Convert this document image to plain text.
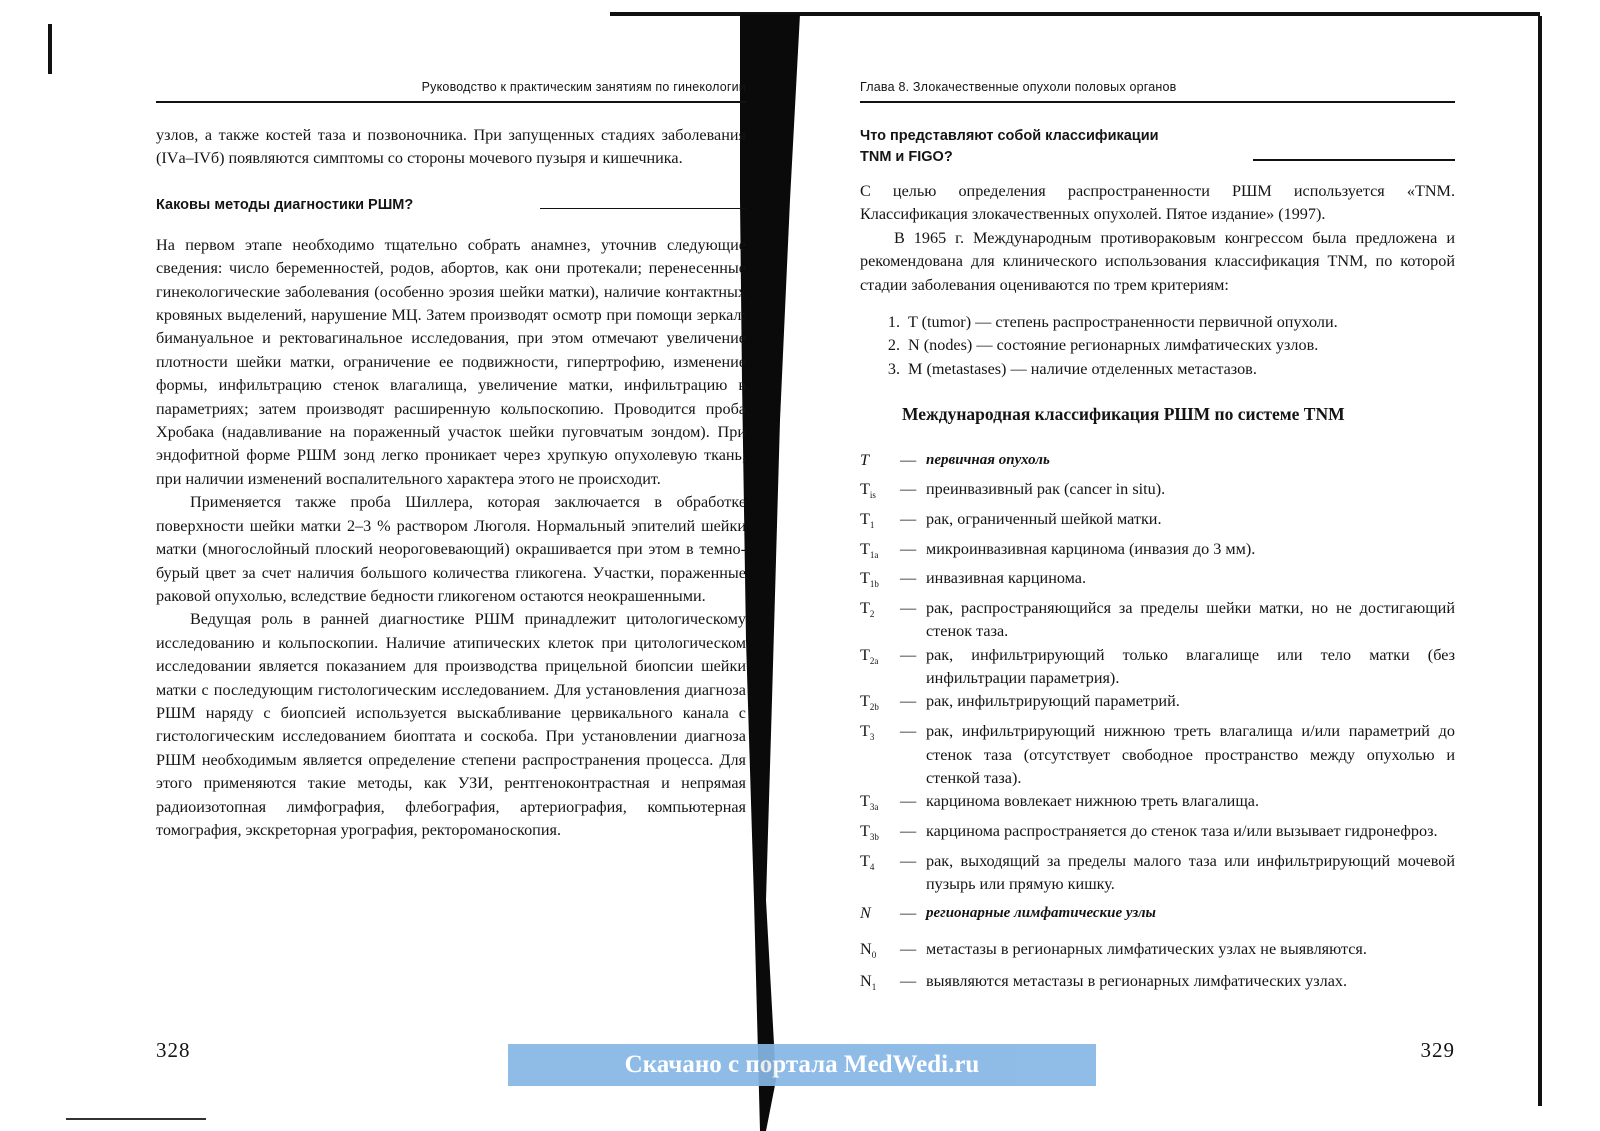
Руководство к практическим занятиям по гинекологии

узлов, а также костей таза и позвоночника. При запущенных стадиях заболевания (IVа–IVб) появляются симптомы со стороны мочевого пузыря и кишечника.

Каковы методы диагностики РШМ?

На первом этапе необходимо тщательно собрать анамнез, уточнив следующие сведения: число беременностей, родов, абортов, как они протекали; перенесенные гинекологические заболевания (особенно эрозия шейки матки), наличие контактных кровяных выделений, нарушение МЦ. Затем производят осмотр при помощи зеркал; бимануальное и ректовагинальное исследования, при этом отмечают увеличение плотности шейки матки, ограничение ее подвижности, гипертрофию, изменение формы, инфильтрацию стенок влагалища, увеличение матки, инфильтрацию в параметриях; затем производят расширенную кольпоскопию. Проводится проба Хробака (надавливание на пораженный участок шейки пуговчатым зондом). При эндофитной форме РШМ зонд легко проникает через хрупкую опухолевую ткань, при наличии изменений воспалительного характера этого не происходит.

Применяется также проба Шиллера, которая заключается в обработке поверхности шейки матки 2–3 % раствором Люголя. Нормальный эпителий шейки матки (многослойный плоский неороговевающий) окрашивается при этом в темно-бурый цвет за счет наличия большого количества гликогена. Участки, пораженные раковой опухолью, вследствие бедности гликогеном остаются неокрашенными.

Ведущая роль в ранней диагностике РШМ принадлежит цитологическому исследованию и кольпоскопии. Наличие атипических клеток при цитологическом исследовании является показанием для производства прицельной биопсии шейки матки с последующим гистологическим исследованием. Для установления диагноза РШМ наряду с биопсией используется выскабливание цервикального канала с гистологическим исследованием биоптата и соскоба. При установлении диагноза РШМ необходимым является определение степени распространения процесса. Для этого применяются такие методы, как УЗИ, рентгеноконтрастная и непрямая радиоизотопная лимфография, флебография, артериография, компьютерная томография, экскреторная урография, ректороманоскопия.

328
Глава 8. Злокачественные опухоли половых органов
Что представляют собой классификации
TNM и FIGO?

С целью определения распространенности РШМ используется «TNM. Классификация злокачественных опухолей. Пятое издание» (1997).

В 1965 г. Международным противораковым конгрессом была предложена и рекомендована для клинического использования классификация TNM, по которой стадии заболевания оцениваются по трем критериям:

1. T (tumor) — степень распространенности первичной опухоли.
2. N (nodes) — состояние регионарных лимфатических узлов.
3. M (metastases) — наличие отделенных метастазов.
Международная классификация РШМ по системе TNM
T	— первичная опухоль
$T_{is}$	— преинвазивный рак (cancer in situ).
$T_1$	— рак, ограниченный шейкой матки.
$T_{1a}$	— микроинвазивная карцинома (инвазия до 3 мм).
$T_{1b}$	— инвазивная карцинома.
$T_2$	— рак, распространяющийся за пределы шейки матки, но не достигающий стенок таза.
$T_{2a}$	— рак, инфильтрирующий только влагалище или тело матки (без инфильтрации параметрия).
$T_{2b}$	— рак, инфильтрирующий параметрий.
$T_3$	— рак, инфильтрирующий нижнюю треть влагалища и/или параметрий до стенок таза (отсутствует свободное пространство между опухолью и стенкой таза).
$T_{3a}$	— карцинома вовлекает нижнюю треть влагалища.
$T_{3b}$	— карцинома распространяется до стенок таза и/или вызывает гидронефроз.
$T_4$	— рак, выходящий за пределы малого таза или инфильтрирующий мочевой пузырь или прямую кишку.
N	— регионарные лимфатические узлы
$N_0$	— метастазы в регионарных лимфатических узлах не выявляются.
$N_1$	— выявляются метастазы в регионарных лимфатических узлах.
329
Скачано с портала MedWedi.ru
